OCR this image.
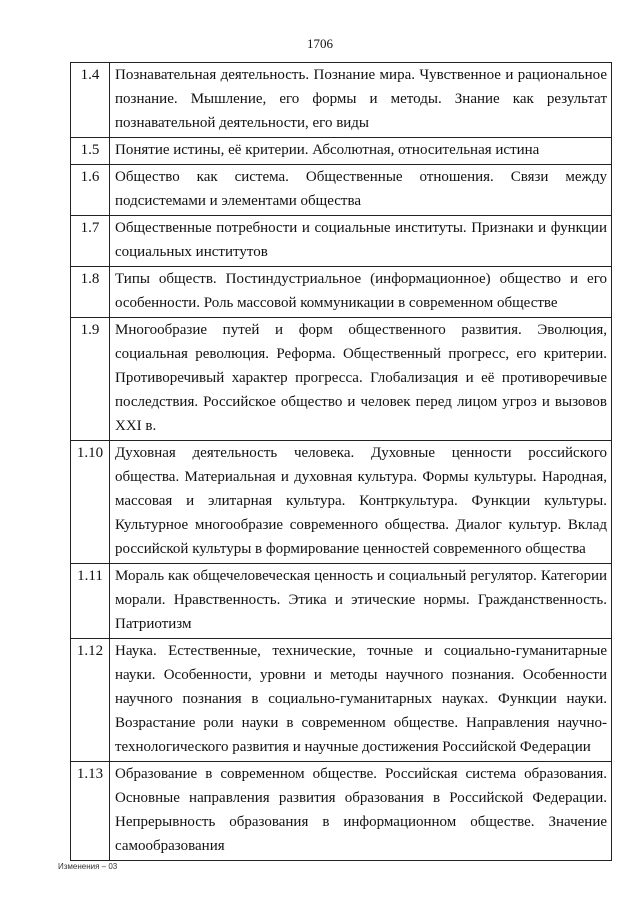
1706
1.4	Познавательная деятельность. Познание мира. Чувственное и рациональное познание. Мышление, его формы и методы. Знание как результат познавательной деятельности, его виды
1.5	Понятие истины, её критерии. Абсолютная, относительная истина
1.6	Общество как система. Общественные отношения. Связи между подсистемами и элементами общества
1.7	Общественные потребности и социальные институты. Признаки и функции социальных институтов
1.8	Типы обществ. Постиндустриальное (информационное) общество и его особенности. Роль массовой коммуникации в современном обществе
1.9	Многообразие путей и форм общественного развития. Эволюция, социальная революция. Реформа. Общественный прогресс, его критерии. Противоречивый характер прогресса. Глобализация и её противоречивые последствия. Российское общество и человек перед лицом угроз и вызовов XXI в.
1.10	Духовная деятельность человека. Духовные ценности российского общества. Материальная и духовная культура. Формы культуры. Народная, массовая и элитарная культура. Контркультура. Функции культуры. Культурное многообразие современного общества. Диалог культур. Вклад российской культуры в формирование ценностей современного общества
1.11	Мораль как общечеловеческая ценность и социальный регулятор. Категории морали. Нравственность. Этика и этические нормы. Гражданственность. Патриотизм
1.12	Наука. Естественные, технические, точные и социально-гуманитарные науки. Особенности, уровни и методы научного познания. Особенности научного познания в социально-гуманитарных науках. Функции науки. Возрастание роли науки в современном обществе. Направления научно-технологического развития и научные достижения Российской Федерации
1.13	Образование в современном обществе. Российская система образования. Основные направления развития образования в Российской Федерации. Непрерывность образования в информационном обществе. Значение самообразования
Изменения – 03
